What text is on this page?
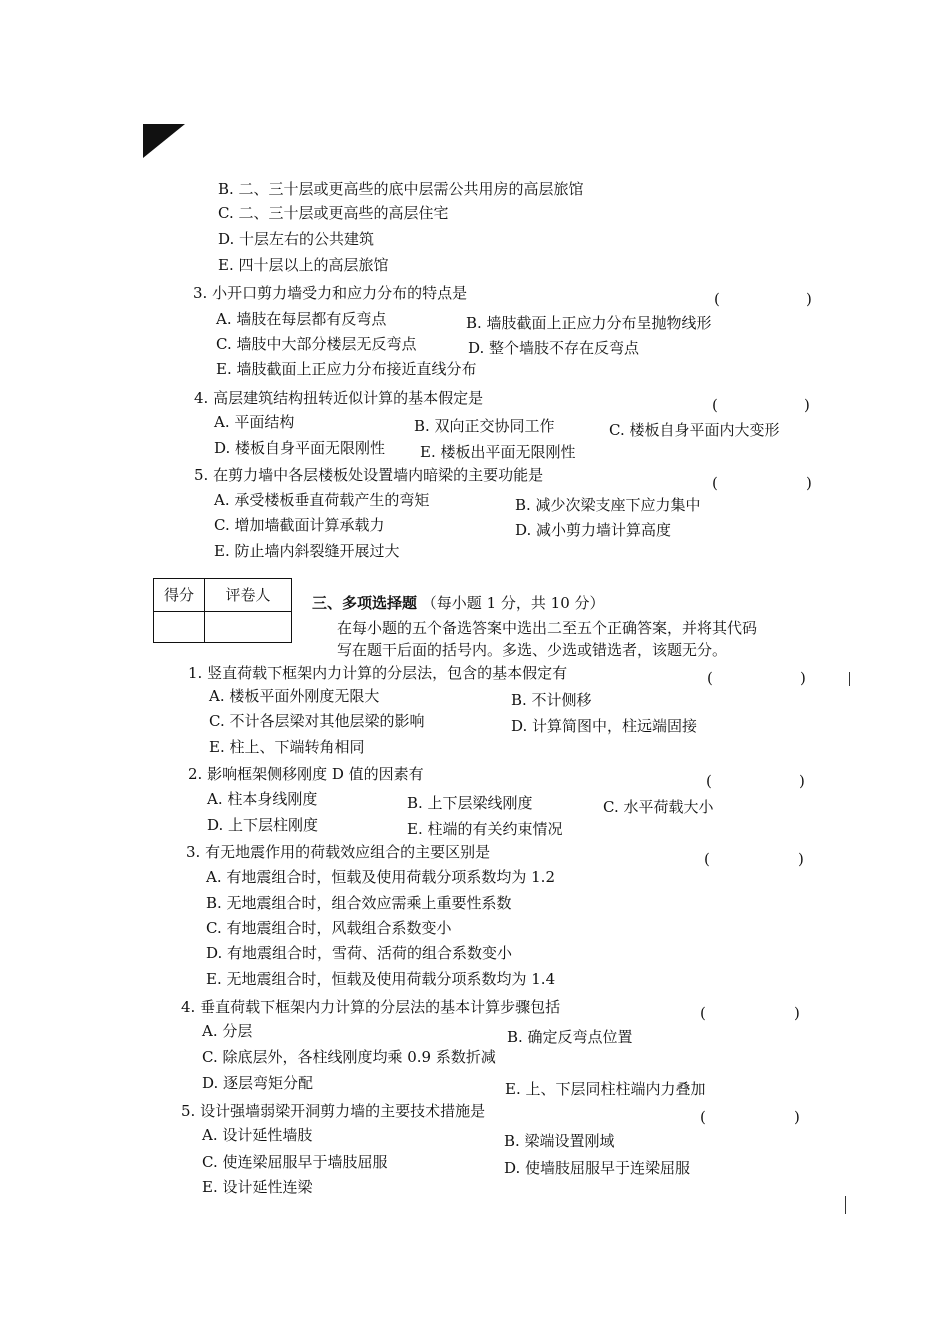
B. 二、三十层或更高些的底中层需公共用房的高层旅馆
C. 二、三十层或更高些的高层住宅
D. 十层左右的公共建筑
E. 四十层以上的高层旅馆
3. 小开口剪力墙受力和应力分布的特点是	(	)
A. 墙肢在每层都有反弯点	B. 墙肢截面上正应力分布呈抛物线形
C. 墙肢中大部分楼层无反弯点	D. 整个墙肢不存在反弯点
E. 墙肢截面上正应力分布接近直线分布
4. 高层建筑结构扭转近似计算的基本假定是	(	)
A. 平面结构	B. 双向正交协同工作	C. 楼板自身平面内大变形
D. 楼板自身平面无限刚性 E. 楼板出平面无限刚性
5. 在剪力墙中各层楼板处设置墙内暗梁的主要功能是	(	)
A. 承受楼板垂直荷载产生的弯矩	B. 减少次梁支座下应力集中
C. 增加墙截面计算承载力	D. 减小剪力墙计算高度
E. 防止墙内斜裂缝开展过大
得分	评卷人
		三、多项选择题 （每小题 1 分，共 10 分）
在每小题的五个备选答案中选出二至五个正确答案，并将其代码
写在题干后面的括号内。多选、少选或错选者，该题无分。
1. 竖直荷载下框架内力计算的分层法，包含的基本假定有	(	)
A. 楼板平面外刚度无限大	B. 不计侧移
C. 不计各层梁对其他层梁的影响	D. 计算简图中，柱远端固接
E. 柱上、下端转角相同
2. 影响框架侧移刚度 D 值的因素有	(	)
A. 柱本身线刚度	B. 上下层梁线刚度	C. 水平荷载大小
D. 上下层柱刚度	E. 柱端的有关约束情况
3. 有无地震作用的荷载效应组合的主要区别是	(	)
A. 有地震组合时，恒载及使用荷载分项系数均为 1.2
B. 无地震组合时，组合效应需乘上重要性系数
C. 有地震组合时，风载组合系数变小
D. 有地震组合时，雪荷、活荷的组合系数变小
E. 无地震组合时，恒载及使用荷载分项系数均为 1.4
4. 垂直荷载下框架内力计算的分层法的基本计算步骤包括	(	)
A. 分层	B. 确定反弯点位置
C. 除底层外，各柱线刚度均乘 0.9 系数折减
D. 逐层弯矩分配	E. 上、下层同柱柱端内力叠加
5. 设计强墙弱梁开洞剪力墙的主要技术措施是	(	)
A. 设计延性墙肢	B. 梁端设置刚域
C. 使连梁屈服早于墙肢屈服	D. 使墙肢屈服早于连梁屈服
E. 设计延性连梁
